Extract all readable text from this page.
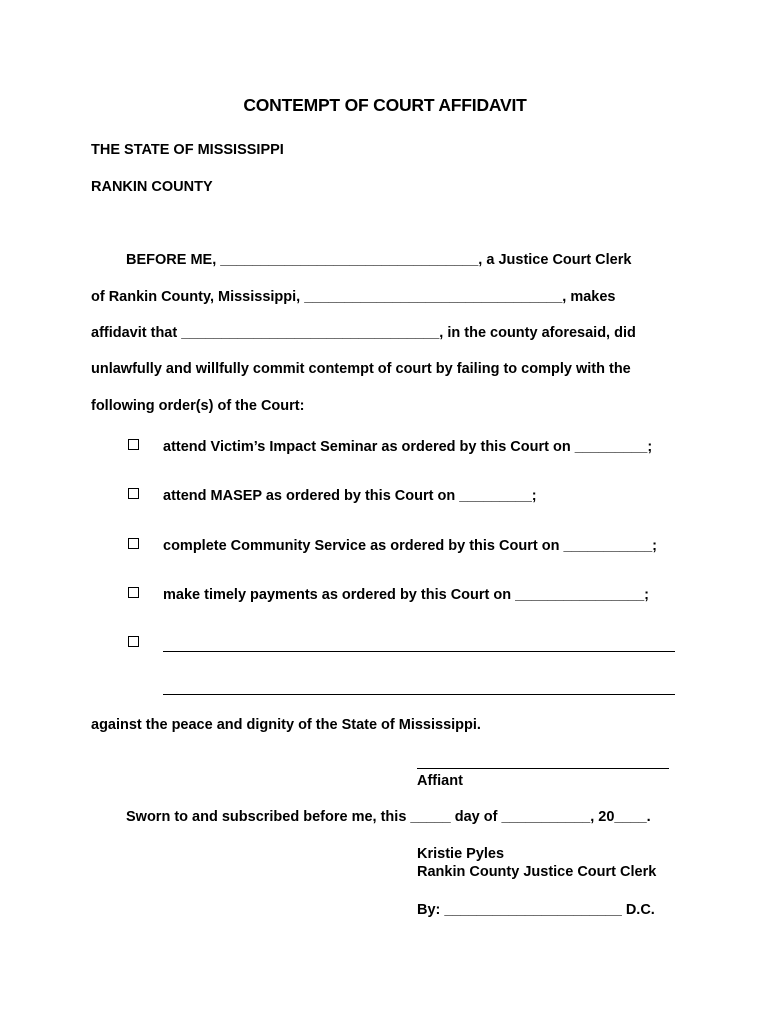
CONTEMPT OF COURT AFFIDAVIT
THE STATE OF MISSISSIPPI
RANKIN COUNTY
BEFORE ME, ________________________________, a Justice Court Clerk
of Rankin County, Mississippi, ________________________________, makes
affidavit that ________________________________, in the county aforesaid, did
unlawfully and willfully commit contempt of court by failing to comply with the
following order(s) of the Court:
attend Victim’s Impact Seminar as ordered by this Court on _________;
attend MASEP as ordered by this Court on _________;
complete Community Service as ordered by this Court on ___________;
make timely payments as ordered by this Court on ________________;
against the peace and dignity of the State of Mississippi.
Affiant
Sworn to and subscribed before me, this _____ day of ___________, 20____.
Kristie Pyles
Rankin County Justice Court Clerk
By: ______________________ D.C.
